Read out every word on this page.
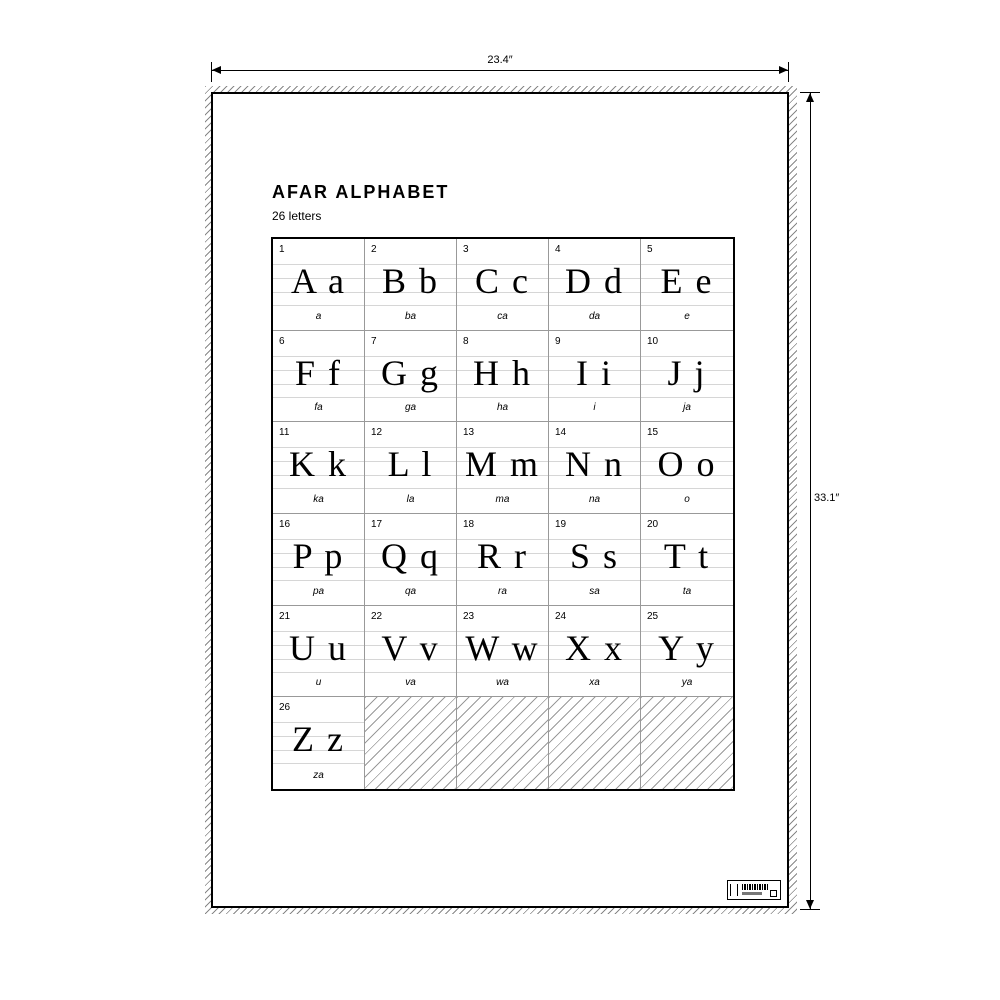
23.4″
33.1″
AFAR ALPHABET
26 letters
1
A a
a
2
B b
ba
3
C c
ca
4
D d
da
5
E e
e
6
F f
fa
7
G g
ga
8
H h
ha
9
I i
i
10
J j
ja
11
K k
ka
12
L l
la
13
M m
ma
14
N n
na
15
O o
o
16
P p
pa
17
Q q
qa
18
R r
ra
19
S s
sa
20
T t
ta
21
U u
u
22
V v
va
23
W w
wa
24
X x
xa
25
Y y
ya
26
Z z
za
